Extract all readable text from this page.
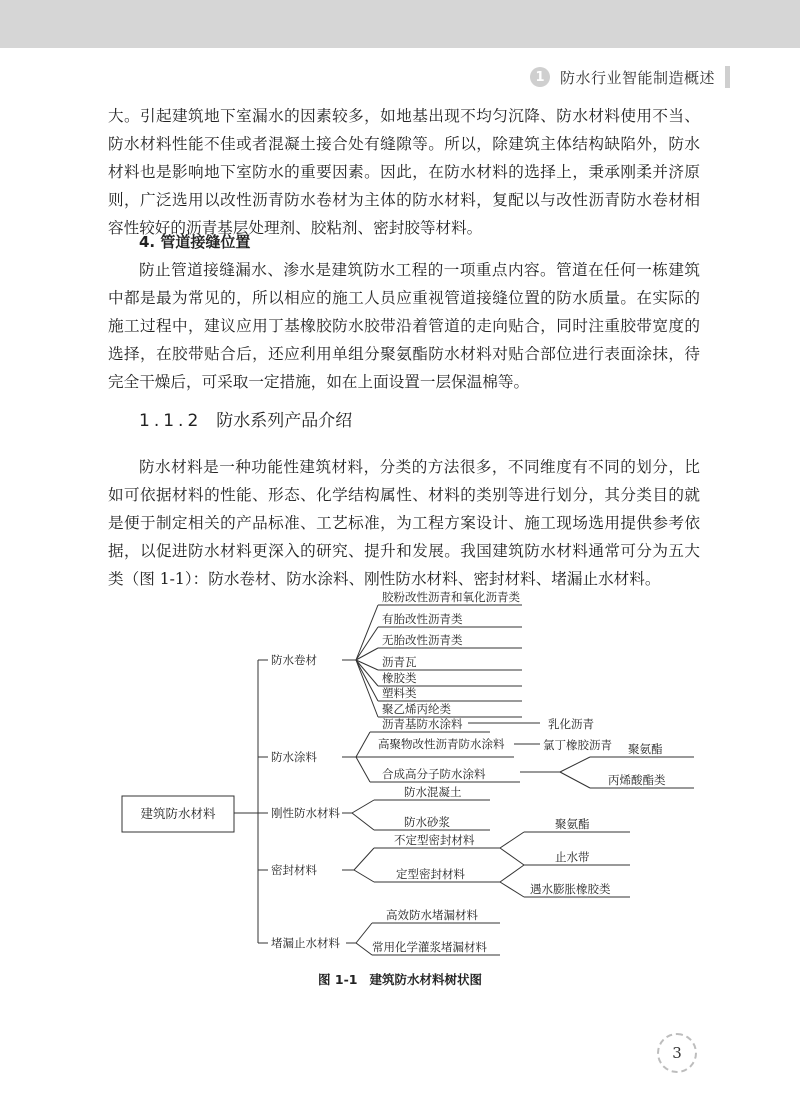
1	防水行业智能制造概述

大。引起建筑地下室漏水的因素较多，如地基出现不均匀沉降、防水材料使用不当、防水材料性能不佳或者混凝土接合处有缝隙等。所以，除建筑主体结构缺陷外，防水材料也是影响地下室防水的重要因素。因此，在防水材料的选择上，秉承刚柔并济原则，广泛选用以改性沥青防水卷材为主体的防水材料，复配以与改性沥青防水卷材相容性较好的沥青基层处理剂、胶粘剂、密封胶等材料。

4. 管道接缝位置

防止管道接缝漏水、渗水是建筑防水工程的一项重点内容。管道在任何一栋建筑中都是最为常见的，所以相应的施工人员应重视管道接缝位置的防水质量。在实际的施工过程中，建议应用丁基橡胶防水胶带沿着管道的走向贴合，同时注重胶带宽度的选择，在胶带贴合后，还应利用单组分聚氨酯防水材料对贴合部位进行表面涂抹，待完全干燥后，可采取一定措施，如在上面设置一层保温棉等。

1.1.2 防水系列产品介绍

防水材料是一种功能性建筑材料，分类的方法很多，不同维度有不同的划分，比如可依据材料的性能、形态、化学结构属性、材料的类别等进行划分，其分类目的就是便于制定相关的产品标准、工艺标准，为工程方案设计、施工现场选用提供参考依据，以促进防水材料更深入的研究、提升和发展。我国建筑防水材料通常可分为五大类（图 1-1）：防水卷材、防水涂料、刚性防水材料、密封材料、堵漏止水材料。

建筑防水材料
防水卷材
防水涂料
刚性防水材料
密封材料
堵漏止水材料
胶粉改性沥青和氧化沥青类
有胎改性沥青类
无胎改性沥青类
沥青瓦
橡胶类
塑料类
聚乙烯丙纶类
沥青基防水涂料	乳化沥青
高聚物改性沥青防水涂料	氯丁橡胶沥青
合成高分子防水涂料
聚氨酯
丙烯酸酯类
防水混凝土
防水砂浆
不定型密封材料
定型密封材料
聚氨酯
止水带
遇水膨胀橡胶类
高效防水堵漏材料
常用化学灌浆堵漏材料
图 1-1 建筑防水材料树状图
3
